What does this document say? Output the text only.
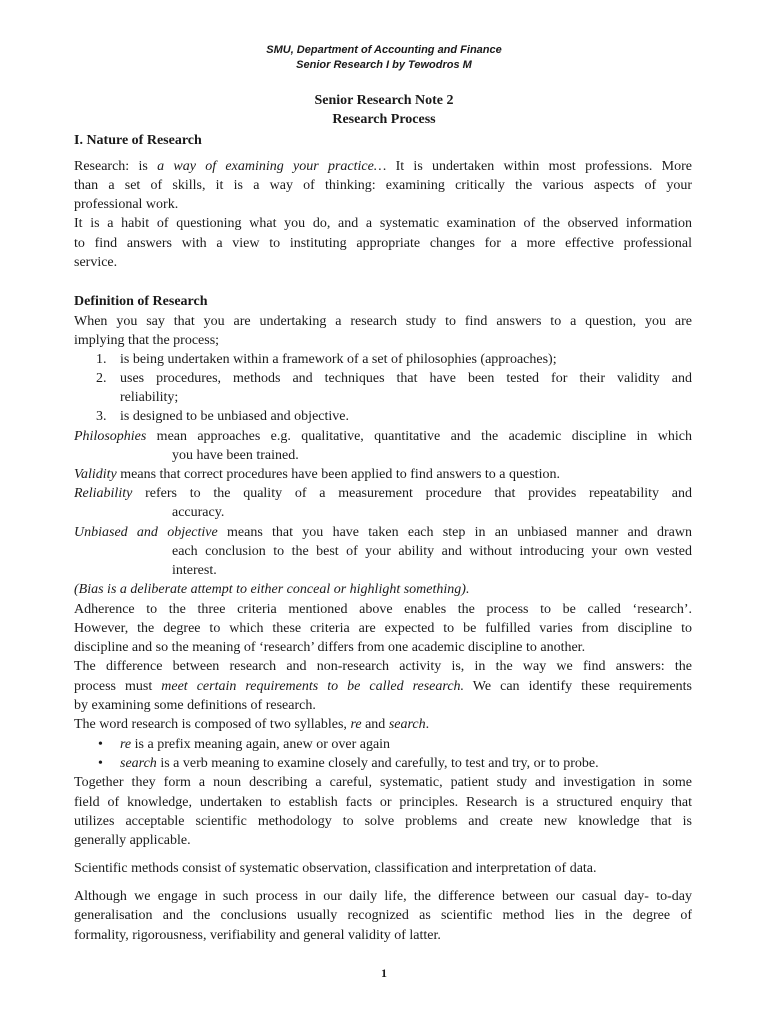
SMU, Department of Accounting and Finance
Senior Research I by Tewodros M
Senior Research Note 2
Research Process
I. Nature of Research
Research: is a way of examining your practice… It is undertaken within most professions. More
than a set of skills, it is a way of thinking: examining critically the various aspects of your
professional work.
It is a habit of questioning what you do, and a systematic examination of the observed information
to find answers with a view to instituting appropriate changes for a more effective professional
service.
Definition of Research
When you say that you are undertaking a research study to find answers to a question, you are
implying that the process;
1. is being undertaken within a framework of a set of philosophies (approaches);
2. uses procedures, methods and techniques that have been tested for their validity and
reliability;
3. is designed to be unbiased and objective.
Philosophies mean approaches e.g. qualitative, quantitative and the academic discipline in which
you have been trained.
Validity means that correct procedures have been applied to find answers to a question.
Reliability refers to the quality of a measurement procedure that provides repeatability and
accuracy.
Unbiased and objective means that you have taken each step in an unbiased manner and drawn
each conclusion to the best of your ability and without introducing your own vested
interest.
(Bias is a deliberate attempt to either conceal or highlight something).
Adherence to the three criteria mentioned above enables the process to be called ‘research’.
However, the degree to which these criteria are expected to be fulfilled varies from discipline to
discipline and so the meaning of ‘research’ differs from one academic discipline to another.
The difference between research and non-research activity is, in the way we find answers: the
process must meet certain requirements to be called research. We can identify these requirements
by examining some definitions of research.
The word research is composed of two syllables, re and search.
• re is a prefix meaning again, anew or over again
• search is a verb meaning to examine closely and carefully, to test and try, or to probe.
Together they form a noun describing a careful, systematic, patient study and investigation in some
field of knowledge, undertaken to establish facts or principles. Research is a structured enquiry that
utilizes acceptable scientific methodology to solve problems and create new knowledge that is
generally applicable.
Scientific methods consist of systematic observation, classification and interpretation of data.
Although we engage in such process in our daily life, the difference between our casual day- to-day
generalisation and the conclusions usually recognized as scientific method lies in the degree of
formality, rigorousness, verifiability and general validity of latter.
1
